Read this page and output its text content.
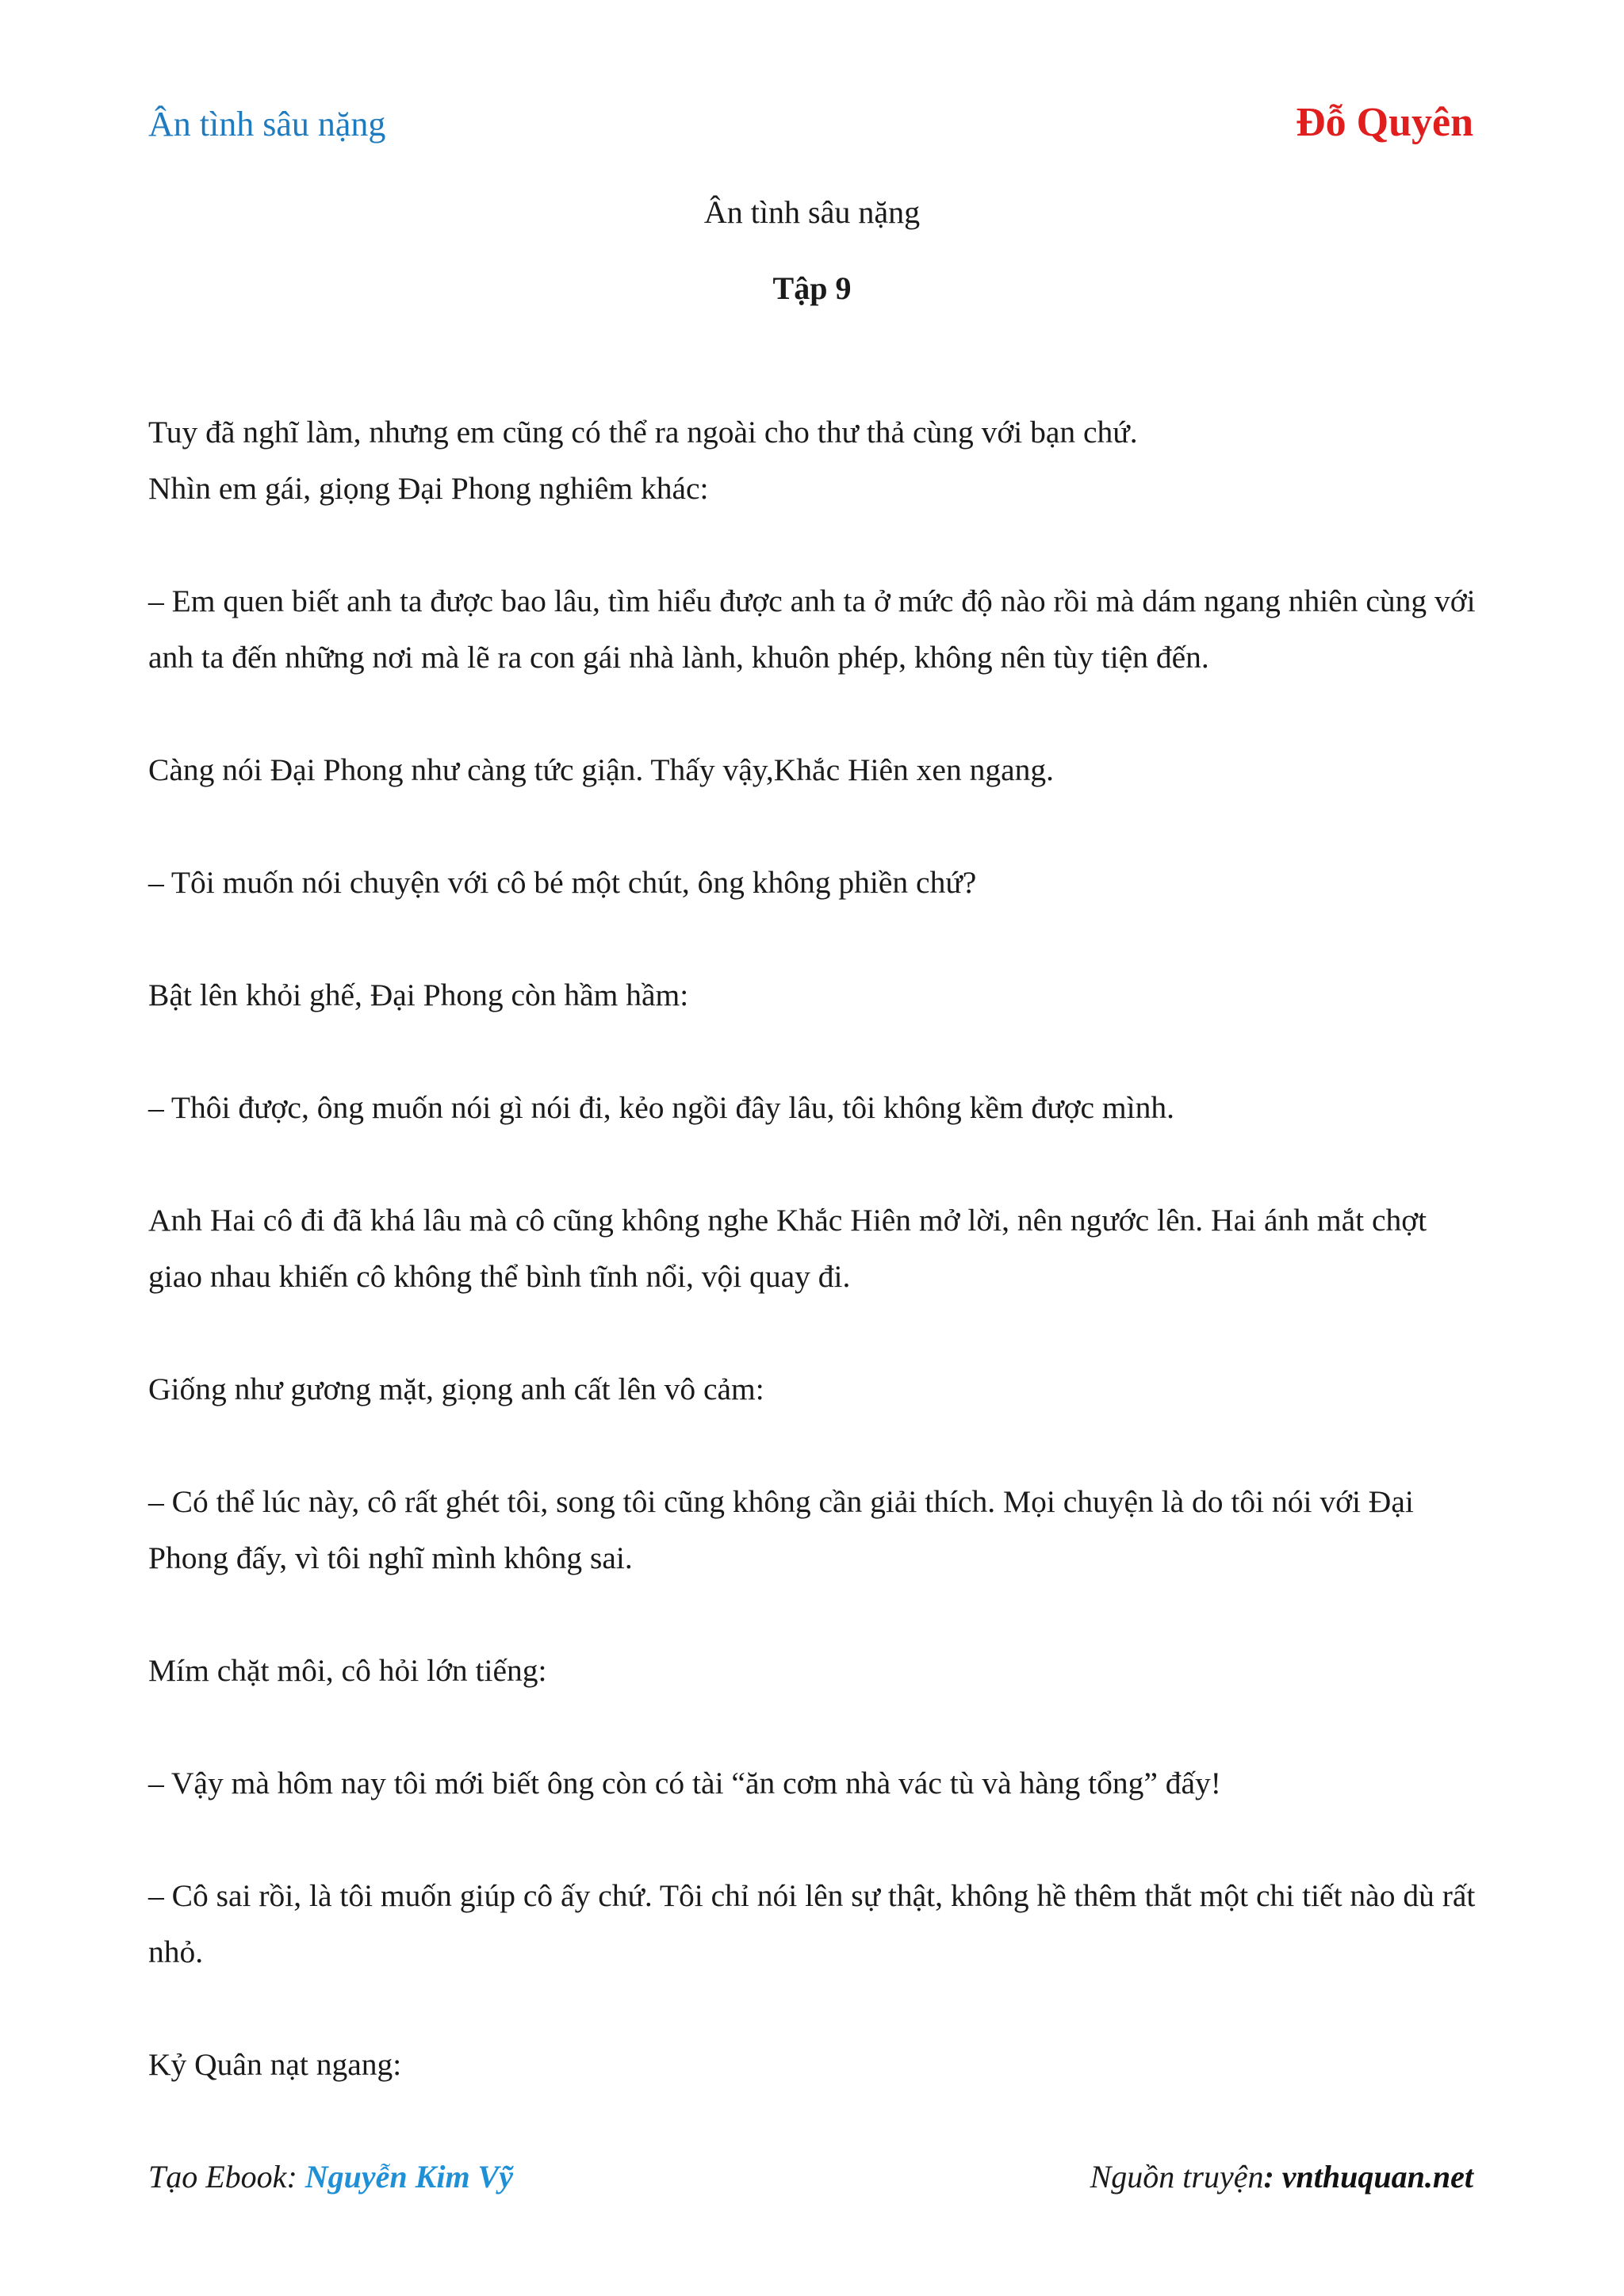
Ân tình sâu nặng	Đỗ Quyên
Ân tình sâu nặng
Tập 9

Tuy đã nghĩ làm, nhưng em cũng có thể ra ngoài cho thư thả cùng với bạn chứ.

Nhìn em gái, giọng Đại Phong nghiêm khác:

– Em quen biết anh ta được bao lâu, tìm hiểu được anh ta ở mức độ nào rồi mà dám ngang nhiên cùng với anh ta đến những nơi mà lẽ ra con gái nhà lành, khuôn phép, không nên tùy tiện đến.

Càng nói Đại Phong như càng tức giận. Thấy vậy,Khắc Hiên xen ngang.

– Tôi muốn nói chuyện với cô bé một chút, ông không phiền chứ?

Bật lên khỏi ghế, Đại Phong còn hầm hầm:

– Thôi được, ông muốn nói gì nói đi, kẻo ngồi đây lâu, tôi không kềm được mình.

Anh Hai cô đi đã khá lâu mà cô cũng không nghe Khắc Hiên mở lời, nên ngước lên. Hai ánh mắt chợt giao nhau khiến cô không thể bình tĩnh nổi, vội quay đi.

Giống như gương mặt, giọng anh cất lên vô cảm:

– Có thể lúc này, cô rất ghét tôi, song tôi cũng không cần giải thích. Mọi chuyện là do tôi nói với Đại Phong đấy, vì tôi nghĩ mình không sai.

Mím chặt môi, cô hỏi lớn tiếng:

– Vậy mà hôm nay tôi mới biết ông còn có tài “ăn cơm nhà vác tù và hàng tổng” đấy!

– Cô sai rồi, là tôi muốn giúp cô ấy chứ. Tôi chỉ nói lên sự thật, không hề thêm thắt một chi tiết nào dù rất nhỏ.

Kỷ Quân nạt ngang:

Tạo Ebook: Nguyễn Kim Vỹ	Nguồn truyện: vnthuquan.net
